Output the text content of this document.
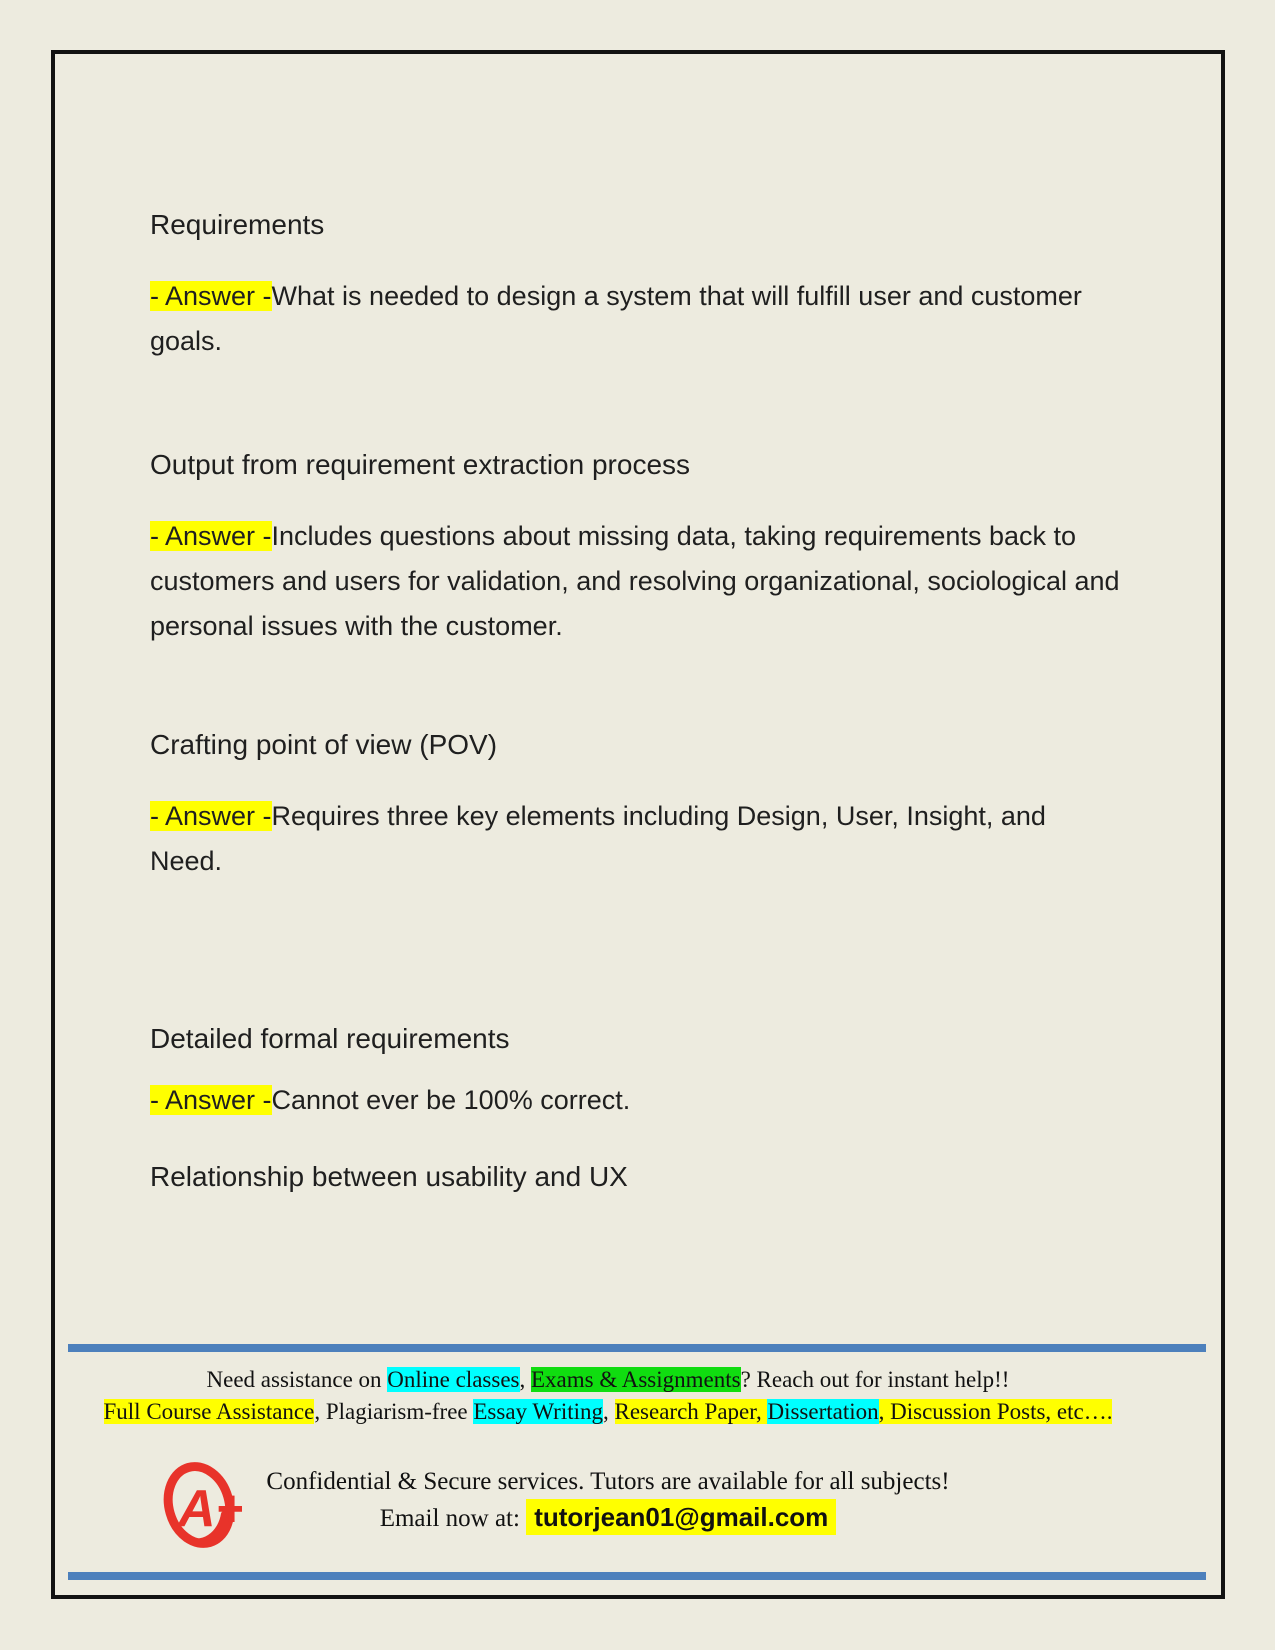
Requirements
- Answer -What is needed to design a system that will fulfill user and customer goals.
Output from requirement extraction process
- Answer -Includes questions about missing data, taking requirements back to customers and users for validation, and resolving organizational, sociological and personal issues with the customer.
Crafting point of view (POV)
- Answer -Requires three key elements including Design, User, Insight, and Need.
Detailed formal requirements
- Answer -Cannot ever be 100% correct.
Relationship between usability and UX
Need assistance on Online classes, Exams & Assignments? Reach out for instant help!!
Full Course Assistance, Plagiarism-free Essay Writing, Research Paper, Dissertation, Discussion Posts, etc….
A+ Confidential & Secure services. Tutors are available for all subjects!
Email now at: tutorjean01@gmail.com
